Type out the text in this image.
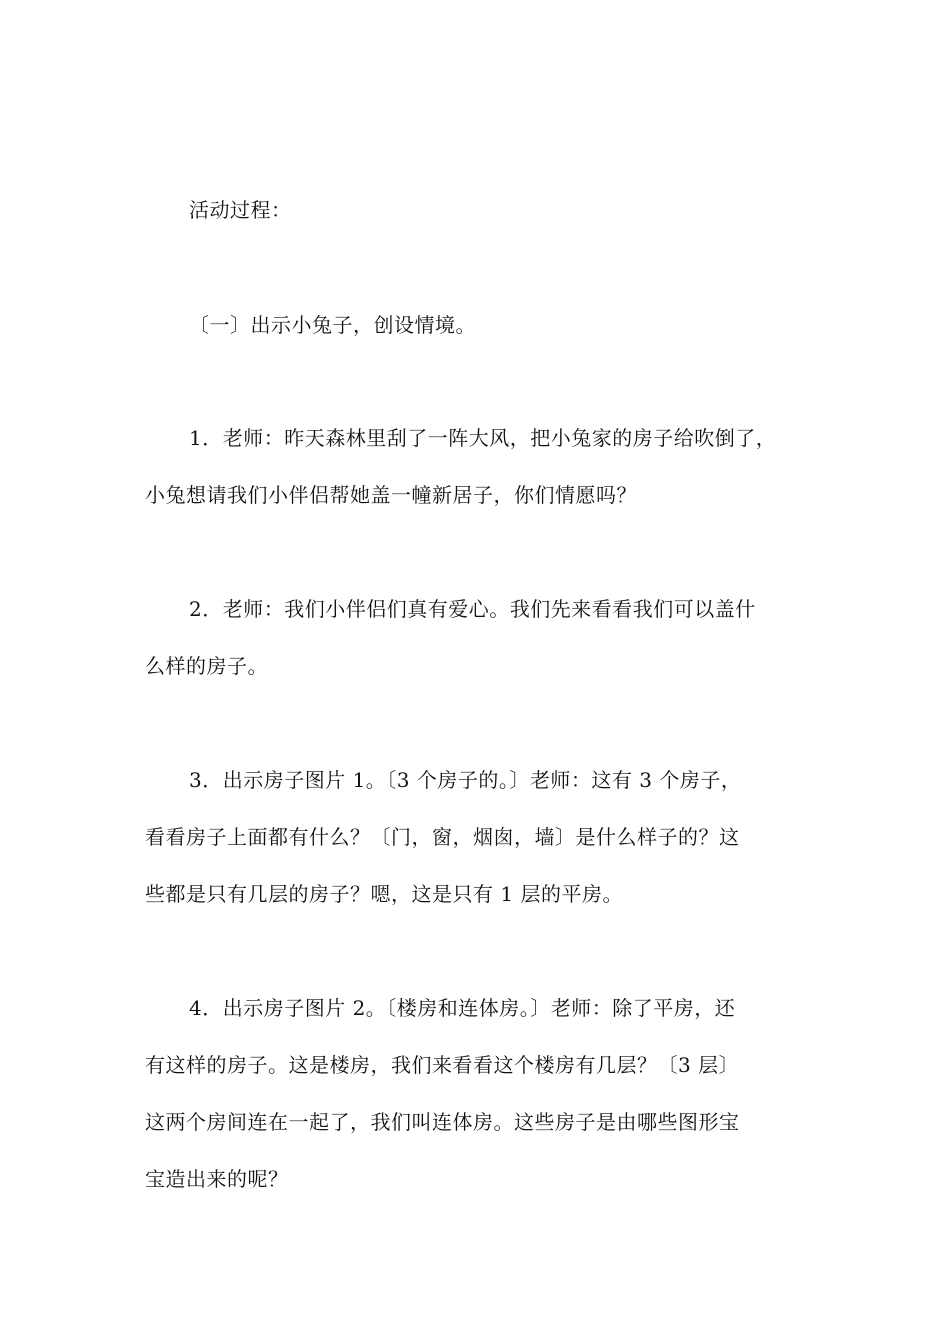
活动过程：
〔一〕出示小兔子，创设情境。
1．老师：昨天森林里刮了一阵大风，把小兔家的房子给吹倒了，
小兔想请我们小伴侣帮她盖一幢新居子，你们情愿吗？
2．老师：我们小伴侣们真有爱心。我们先来看看我们可以盖什
么样的房子。
3．出示房子图片 1。〔3 个房子的。〕老师：这有 3 个房子，
看看房子上面都有什么？〔门，窗，烟囱，墙〕是什么样子的？这
些都是只有几层的房子？嗯，这是只有 1 层的平房。
4．出示房子图片 2。〔楼房和连体房。〕老师：除了平房，还
有这样的房子。这是楼房，我们来看看这个楼房有几层？〔3 层〕
这两个房间连在一起了，我们叫连体房。这些房子是由哪些图形宝
宝造出来的呢？
